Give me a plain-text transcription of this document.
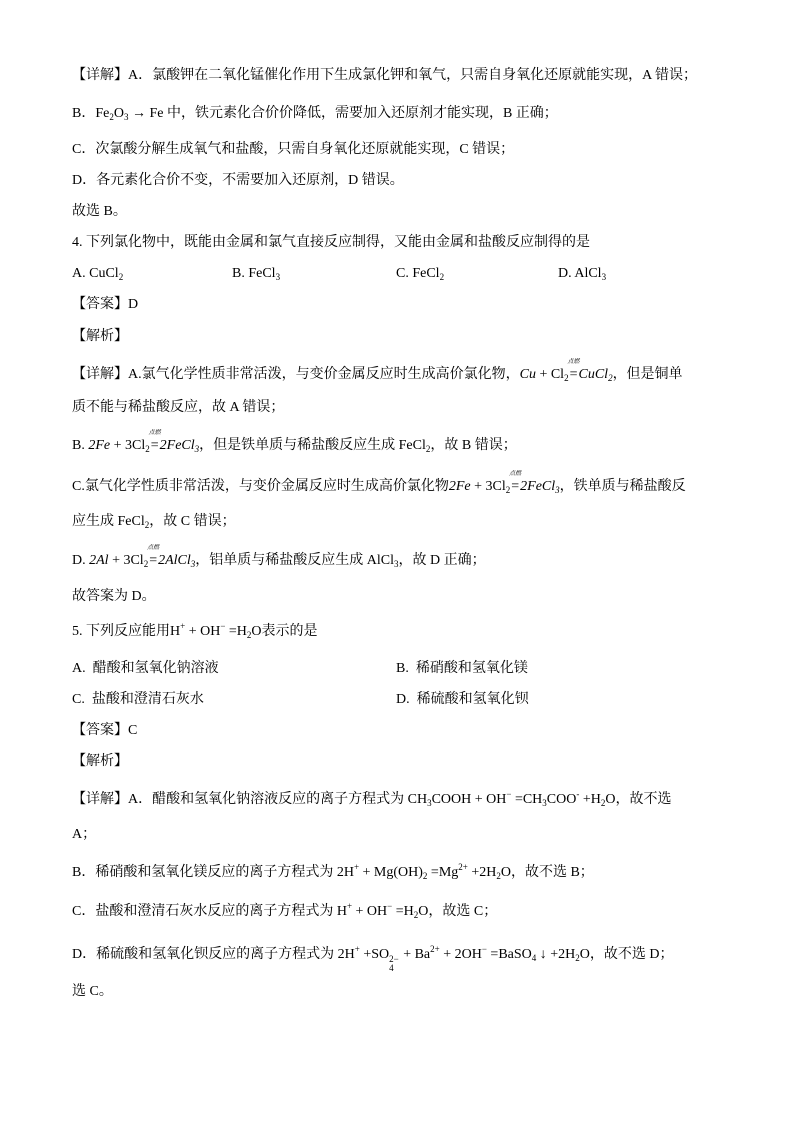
【详解】A．氯酸钾在二氧化锰催化作用下生成氯化钾和氧气，只需自身氧化还原就能实现，A 错误；
B．$Fe_2O_3 \to Fe$ 中，铁元素化合价价降低，需要加入还原剂才能实现，B 正确；
C．次氯酸分解生成氧气和盐酸，只需自身氧化还原就能实现，C 错误；
D．各元素化合价不变，不需要加入还原剂，D 错误。
故选 B。
4. 下列氯化物中，既能由金属和氯气直接反应制得，又能由金属和盐酸反应制得的是
A. CuCl$_2$	B. FeCl$_3$	C. FeCl$_2$	D. AlCl$_3$
【答案】D
【解析】
【详解】A.氯气化学性质非常活泼，与变价金属反应时生成高价氯化物，$Cu + Cl_2$
点燃
=CuCl$_2$，但是铜单
质不能与稀盐酸反应，故 A 错误；
B. $2Fe + 3Cl_2$
点燃
=2FeCl$_3$，但是铁单质与稀盐酸反应生成 FeCl$_2$，故 B 错误；
C.氯气化学性质非常活泼，与变价金属反应时生成高价氯化物$2Fe + 3Cl_2$
点燃
=2FeCl$_3$，铁单质与稀盐酸反
应生成 FeCl$_2$，故 C 错误；
D. $2Al + 3Cl_2$
点燃
=2AlCl$_3$，铝单质与稀盐酸反应生成 AlCl$_3$，故 D 正确；
故答案为 D。
5. 下列反应能用$H^+ + OH^- =H_2O$表示的是
A.  醋酸和氢氧化钠溶液	B.  稀硝酸和氢氧化镁
C.  盐酸和澄清石灰水	D.  稀硫酸和氢氧化钡
【答案】C
【解析】
【详解】A．醋酸和氢氧化钠溶液反应的离子方程式为 $CH_3COOH + OH^- =CH_3COO^- +H_2O$，故不选
A；
B．稀硝酸和氢氧化镁反应的离子方程式为 $2H^+ + Mg(OH)_2 =Mg^{2+} +2H_2O$，故不选 B；
C．盐酸和澄清石灰水反应的离子方程式为 $H^+ + OH^- =H_2O$，故选 C；
D．稀硫酸和氢氧化钡反应的离子方程式为 2H+ +SO 2−
4
+ $Ba^{2+} + 2OH^-$ =BaSO$_4$ ↓ $+2H_2O$，故不选 D；
选 C。
